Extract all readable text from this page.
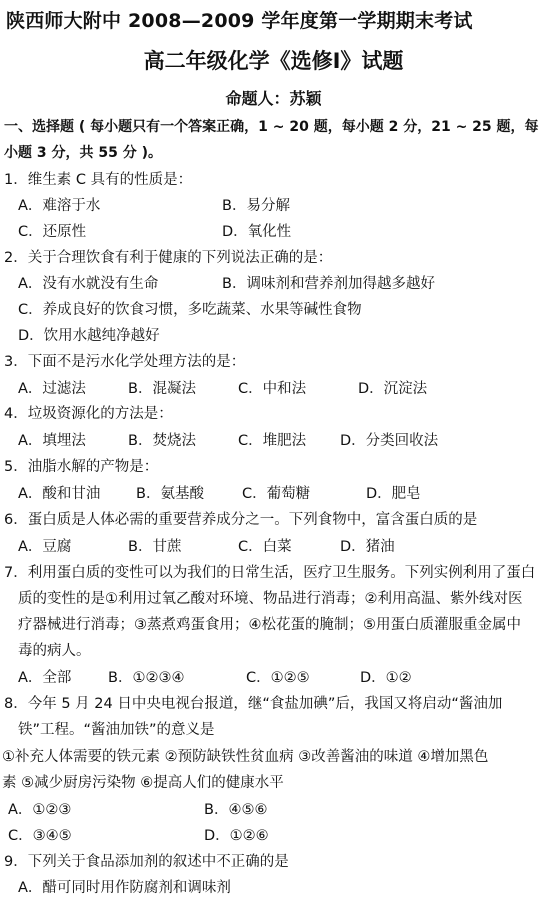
陕西师大附中 2008—2009 学年度第一学期期末考试
高二年级化学《选修Ⅰ》试题
命题人：苏颖
一、选择题 ( 每小题只有一个答案正确，1 ~ 20 题，每小题 2 分，21 ~ 25 题，每
小题 3 分，共 55 分 )。
1．维生素 C 具有的性质是：
A．难溶于水	B．易分解
C．还原性	D．氧化性
2．关于合理饮食有利于健康的下列说法正确的是：
A．没有水就没有生命	B．调味剂和营养剂加得越多越好
C．养成良好的饮食习惯，多吃蔬菜、水果等碱性食物
D．饮用水越纯净越好
3．下面不是污水化学处理方法的是：
A．过滤法	B．混凝法	C．中和法	D．沉淀法
4．垃圾资源化的方法是：
A．填埋法	B．焚烧法	C．堆肥法 D．分类回收法
5．油脂水解的产物是：
A．酸和甘油 B．氨基酸	C．葡萄糖	D．肥皂
6．蛋白质是人体必需的重要营养成分之一。下列食物中，富含蛋白质的是
A．豆腐	B．甘蔗	C．白菜	D．猪油
7．利用蛋白质的变性可以为我们的日常生活，医疗卫生服务。下列实例利用了蛋白
质的变性的是①利用过氧乙酸对环境、物品进行消毒；②利用高温、紫外线对医
疗器械进行消毒；③蒸煮鸡蛋食用；④松花蛋的腌制；⑤用蛋白质灌服重金属中
毒的病人。
A．全部	B．①②③④	C．①②⑤	D．①②
8．今年 5 月 24 日中央电视台报道，继“食盐加碘”后，我国又将启动“酱油加
铁”工程。“酱油加铁”的意义是
①补充人体需要的铁元素 ②预防缺铁性贫血病 ③改善酱油的味道 ④增加黑色
素 ⑤减少厨房污染物 ⑥提高人们的健康水平
A．①②③	B．④⑤⑥
C．③④⑤	D．①②⑥
9．下列关于食品添加剂的叙述中不正确的是
A．醋可同时用作防腐剂和调味剂
